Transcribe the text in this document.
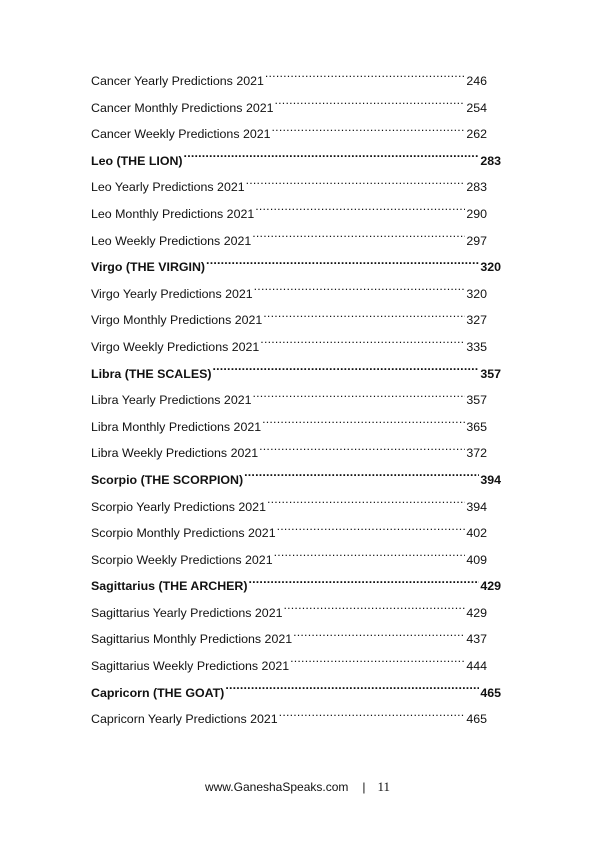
Cancer Yearly Predictions 2021 .....	246
Cancer Monthly Predictions 2021 .....	254
Cancer Weekly Predictions 2021 .....	262
Leo (THE LION) .....	283
Leo Yearly Predictions 2021 .....	283
Leo Monthly Predictions 2021 .....	290
Leo Weekly Predictions 2021 .....	297
Virgo (THE VIRGIN) .....	320
Virgo Yearly Predictions 2021 .....	320
Virgo Monthly Predictions 2021 .....	327
Virgo Weekly Predictions 2021 .....	335
Libra (THE SCALES) .....	357
Libra Yearly Predictions 2021 .....	357
Libra Monthly Predictions 2021 .....	365
Libra Weekly Predictions 2021 .....	372
Scorpio (THE SCORPION) .....	394
Scorpio Yearly Predictions 2021 .....	394
Scorpio Monthly Predictions 2021 .....	402
Scorpio Weekly Predictions 2021 .....	409
Sagittarius (THE ARCHER) .....	429
Sagittarius Yearly Predictions 2021 .....	429
Sagittarius Monthly Predictions 2021 .....	437
Sagittarius Weekly Predictions 2021 .....	444
Capricorn (THE GOAT) .....	465
Capricorn Yearly Predictions 2021 .....	465
www.GaneshaSpeaks.com | 11
